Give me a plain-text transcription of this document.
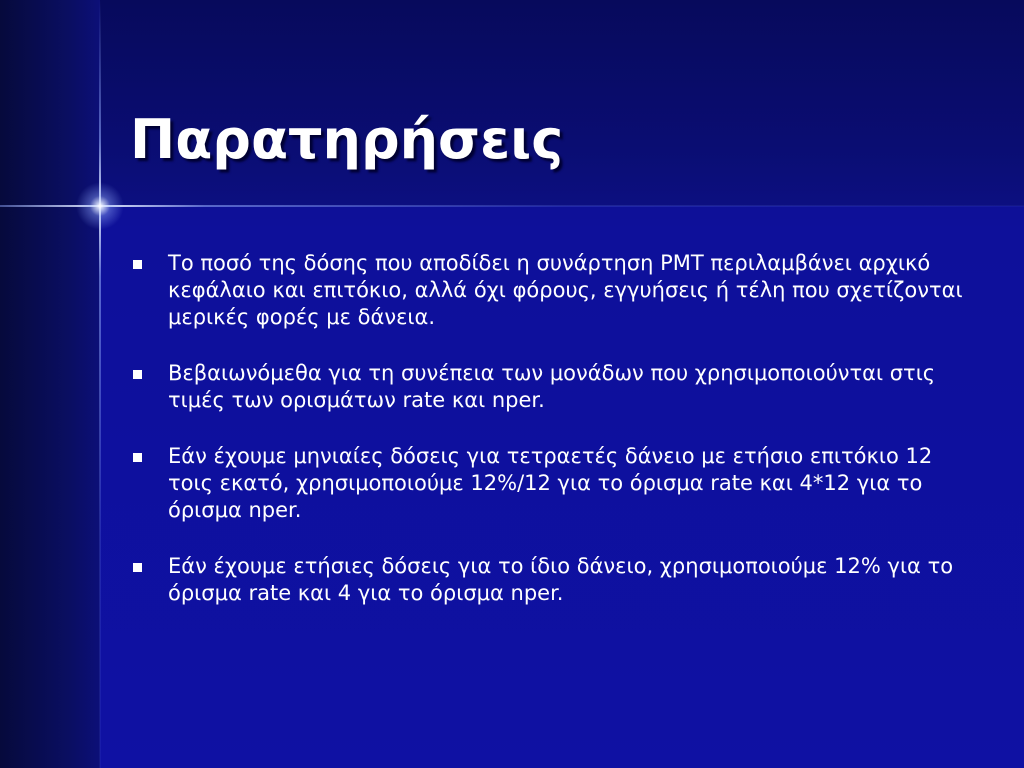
Παρατηρήσεις
Το ποσό της δόσης που αποδίδει η συνάρτηση PMT περιλαμβάνει αρχικό κεφάλαιο και επιτόκιο, αλλά όχι φόρους, εγγυήσεις ή τέλη που σχετίζονται μερικές φορές με δάνεια.
Βεβαιωνόμεθα για τη συνέπεια των μονάδων που χρησιμοποιούνται στις τιμές των ορισμάτων rate και nper.
Εάν έχουμε μηνιαίες δόσεις για τετραετές δάνειο με ετήσιο επιτόκιο 12 τοις εκατό, χρησιμοποιούμε 12%/12 για το όρισμα rate και 4*12 για το όρισμα nper.
Εάν έχουμε ετήσιες δόσεις για το ίδιο δάνειο, χρησιμοποιούμε 12% για το όρισμα rate και 4 για το όρισμα nper.
